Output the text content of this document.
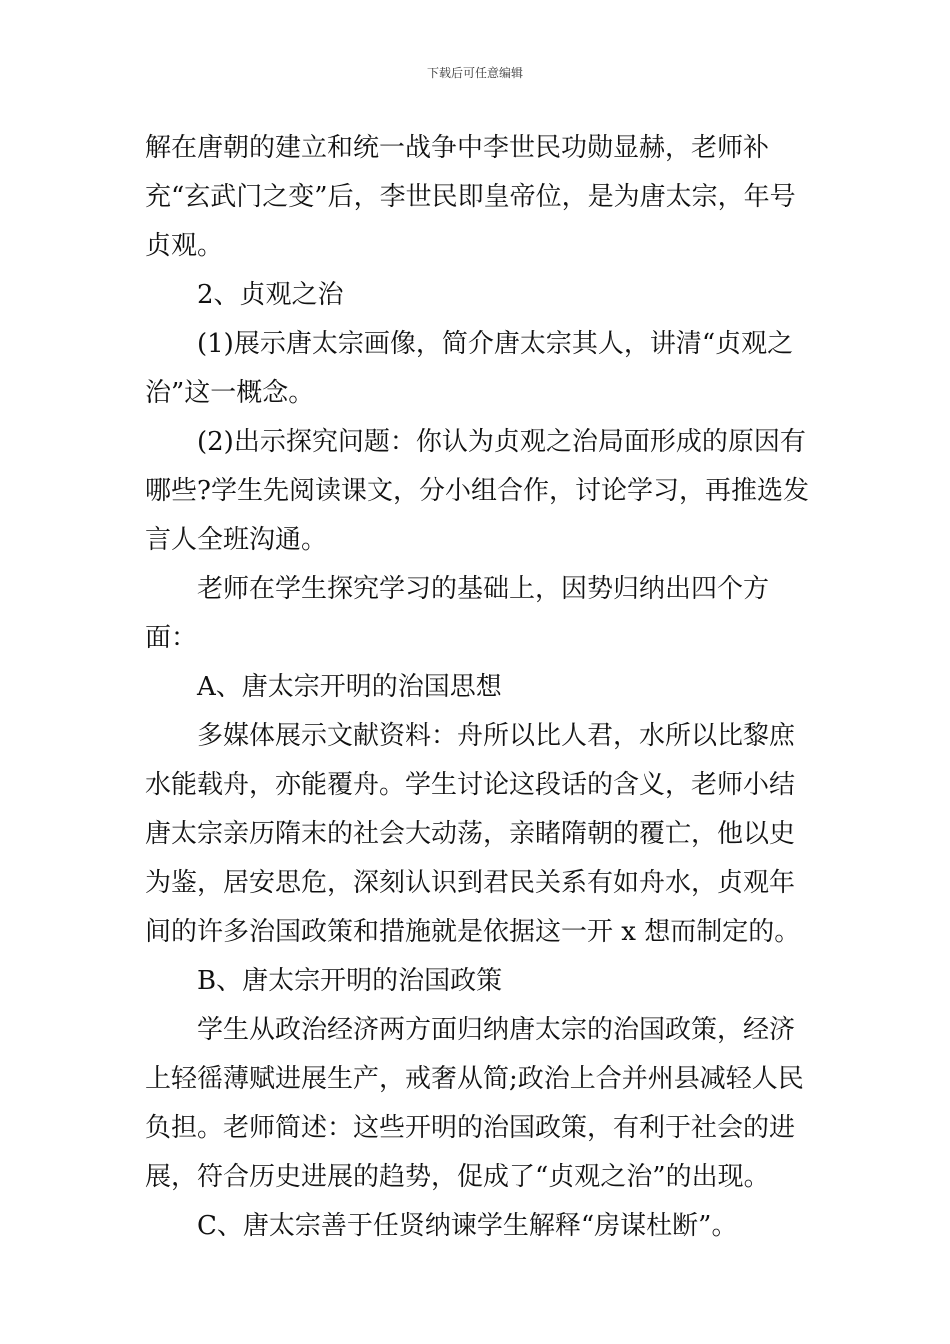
下载后可任意编辑

解在唐朝的建立和统一战争中李世民功勋显赫，老师补充“玄武门之变”后，李世民即皇帝位，是为唐太宗，年号贞观。

2、贞观之治

(1)展示唐太宗画像，简介唐太宗其人，讲清“贞观之治”这一概念。

(2)出示探究问题：你认为贞观之治局面形成的原因有哪些?学生先阅读课文，分小组合作，讨论学习，再推选发言人全班沟通。

老师在学生探究学习的基础上，因势归纳出四个方面：

A、唐太宗开明的治国思想

多媒体展示文献资料：舟所以比人君，水所以比黎庶水能载舟，亦能覆舟。学生讨论这段话的含义，老师小结唐太宗亲历隋末的社会大动荡，亲睹隋朝的覆亡，他以史为鉴，居安思危，深刻认识到君民关系有如舟水，贞观年间的许多治国政策和措施就是依据这一开 x 想而制定的。

B、唐太宗开明的治国政策

学生从政治经济两方面归纳唐太宗的治国政策，经济上轻徭薄赋进展生产，戒奢从简;政治上合并州县减轻人民负担。老师简述：这些开明的治国政策，有利于社会的进展，符合历史进展的趋势，促成了“贞观之治”的出现。

C、唐太宗善于任贤纳谏学生解释“房谋杜断”。
